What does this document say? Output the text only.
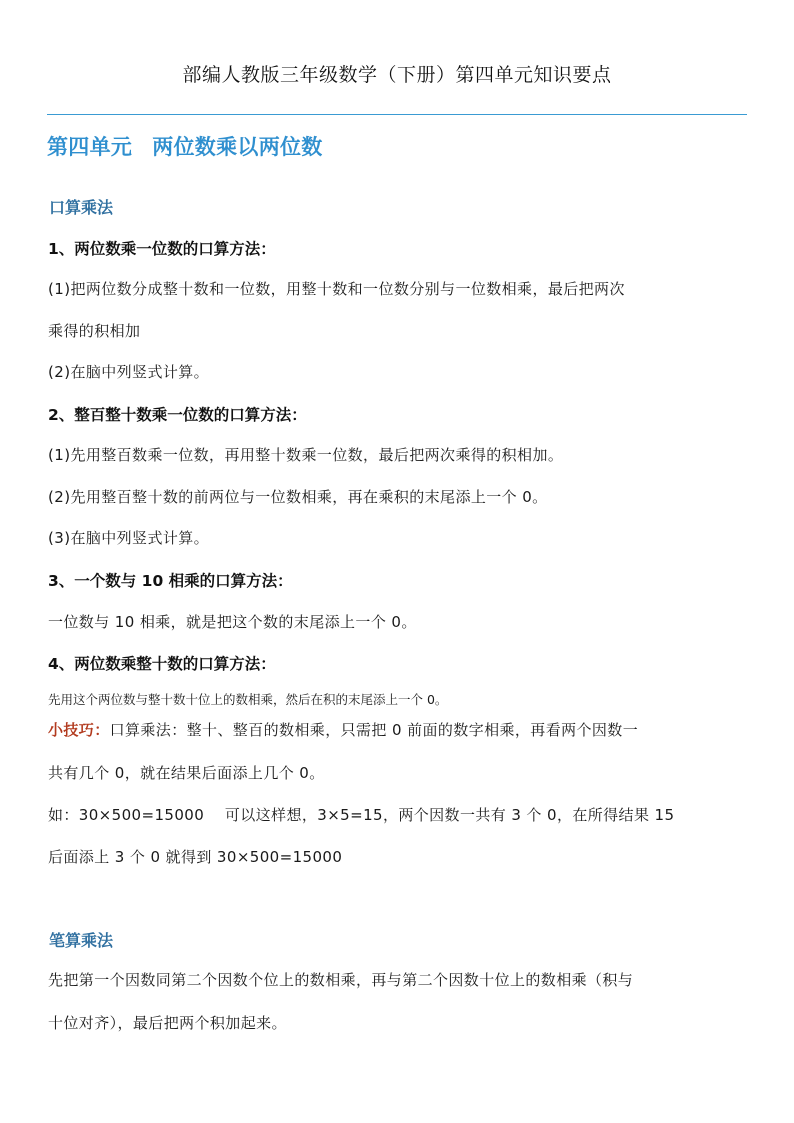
部编人教版三年级数学（下册）第四单元知识要点
第四单元 两位数乘以两位数
口算乘法
1、两位数乘一位数的口算方法：
(1)把两位数分成整十数和一位数，用整十数和一位数分别与一位数相乘，最后把两次
乘得的积相加
(2)在脑中列竖式计算。
2、整百整十数乘一位数的口算方法：
(1)先用整百数乘一位数，再用整十数乘一位数，最后把两次乘得的积相加。
(2)先用整百整十数的前两位与一位数相乘，再在乘积的末尾添上一个 0。
(3)在脑中列竖式计算。
3、一个数与 10 相乘的口算方法：
一位数与 10 相乘，就是把这个数的末尾添上一个 0。
4、两位数乘整十数的口算方法：
先用这个两位数与整十数十位上的数相乘，然后在积的末尾添上一个 0。
小技巧：口算乘法：整十、整百的数相乘，只需把 0 前面的数字相乘，再看两个因数一
共有几个 0，就在结果后面添上几个 0。
如：30×500=15000    可以这样想，3×5=15，两个因数一共有 3 个 0，在所得结果 15
后面添上 3 个 0 就得到 30×500=15000
笔算乘法
先把第一个因数同第二个因数个位上的数相乘，再与第二个因数十位上的数相乘（积与
十位对齐），最后把两个积加起来。
